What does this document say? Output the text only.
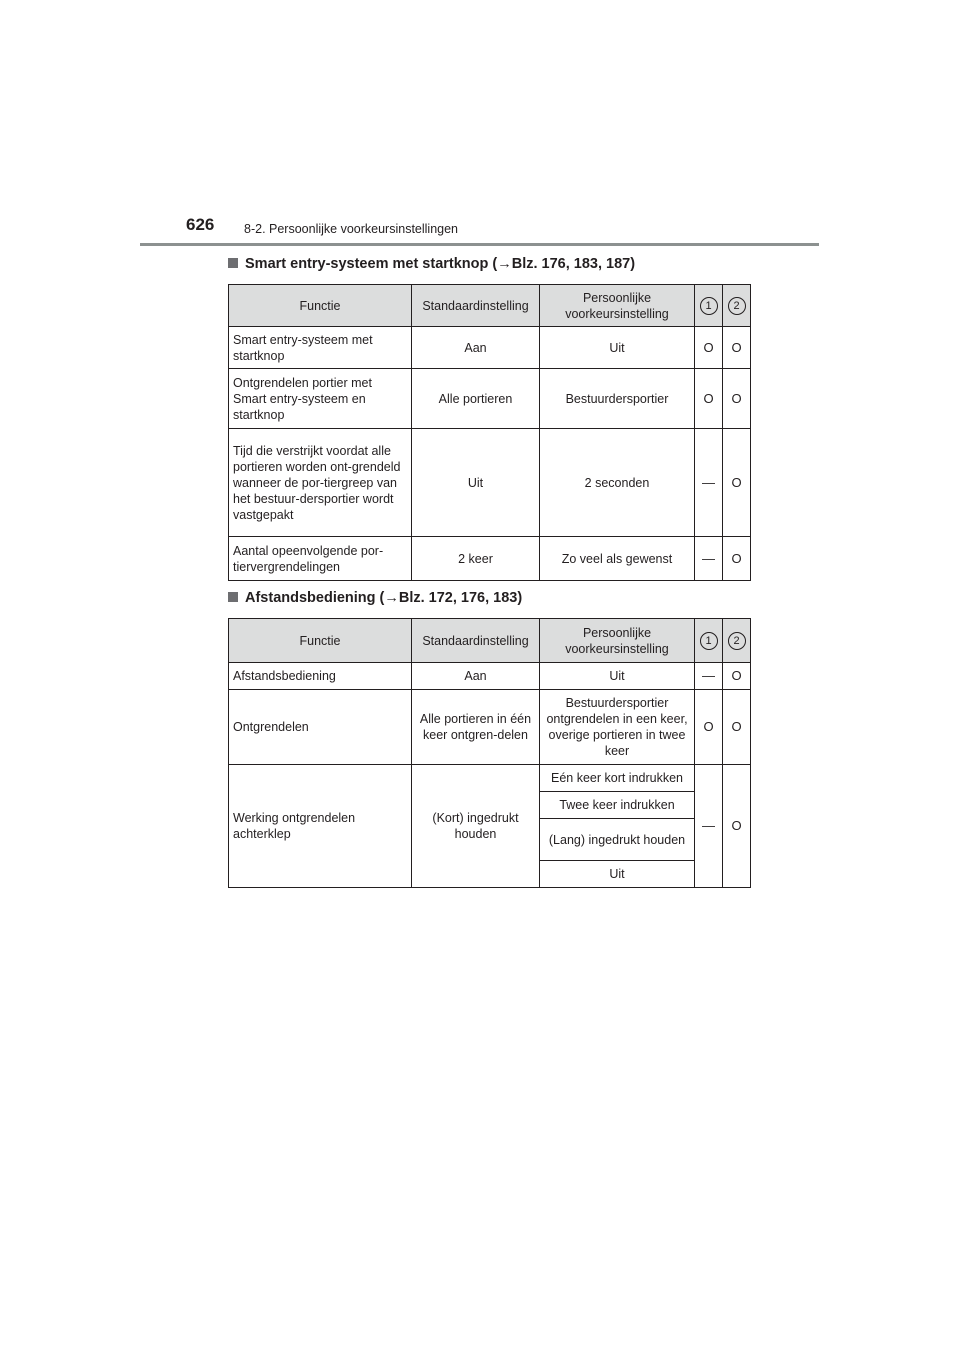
626 8-2. Persoonlijke voorkeursinstellingen
Smart entry-systeem met startknop (→Blz. 176, 183, 187)
Functie	Standaardinstelling	Persoonlijke voorkeursinstelling	1	2
Smart entry-systeem met startknop	Aan	Uit	O	O
Ontgrendelen portier met Smart entry-systeem en startknop	Alle portieren	Bestuurdersportier	O	O
Tijd die verstrijkt voordat alle portieren worden ont-grendeld wanneer de por-tiergreep van het bestuur-dersportier wordt vastgepakt	Uit	2 seconden	—	O
Aantal opeenvolgende por-tiervergrendelingen	2 keer	Zo veel als gewenst	—	O
Afstandsbediening (→Blz. 172, 176, 183)
Functie	Standaardinstelling	Persoonlijke voorkeursinstelling	1	2
Afstandsbediening	Aan	Uit	—	O
Ontgrendelen	Alle portieren in één keer ontgren-delen	Bestuurdersportier ontgrendelen in een keer, overige portieren in twee keer	O	O
Werking ontgrendelen achterklep	(Kort) ingedrukt houden	Eén keer kort indrukken	—	O
		Twee keer indrukken		
		(Lang) ingedrukt houden		
		Uit		
